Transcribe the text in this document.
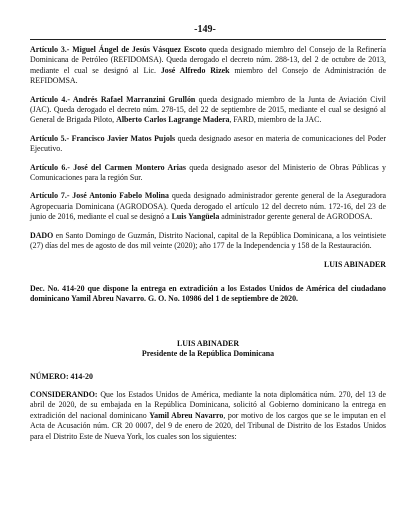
-149-

Artículo 3.- Miguel Ángel de Jesús Vásquez Escoto queda designado miembro del Consejo de la Refinería Dominicana de Petróleo (REFIDOMSA). Queda derogado el decreto núm. 288-13, del 2 de octubre de 2013, mediante el cual se designó al Lic. José Alfredo Rizek miembro del Consejo de Administración de REFIDOMSA.

Artículo 4.- Andrés Rafael Marranzini Grullón queda designado miembro de la Junta de Aviación Civil (JAC). Queda derogado el decreto núm. 278-15, del 22 de septiembre de 2015, mediante el cual se designó al General de Brigada Piloto, Alberto Carlos Lagrange Madera, FARD, miembro de la JAC.

Artículo 5.- Francisco Javier Matos Pujols queda designado asesor en materia de comunicaciones del Poder Ejecutivo.

Artículo 6.- José del Carmen Montero Arias queda designado asesor del Ministerio de Obras Públicas y Comunicaciones para la región Sur.

Artículo 7.- José Antonio Fabelo Molina queda designado administrador gerente general de la Aseguradora Agropecuaria Dominicana (AGRODOSA). Queda derogado el artículo 12 del decreto núm. 172-16, del 23 de junio de 2016, mediante el cual se designó a Luis Yangüela administrador gerente general de AGRODOSA.

DADO en Santo Domingo de Guzmán, Distrito Nacional, capital de la República Dominicana, a los veintisiete (27) días del mes de agosto de dos mil veinte (2020); año 177 de la Independencia y 158 de la Restauración.

LUIS ABINADER

Dec. No. 414-20 que dispone la entrega en extradición a los Estados Unidos de América del ciudadano dominicano Yamil Abreu Navarro. G. O. No. 10986 del 1 de septiembre de 2020.

LUIS ABINADER

Presidente de la República Dominicana

NÚMERO: 414-20

CONSIDERANDO: Que los Estados Unidos de América, mediante la nota diplomática núm. 270, del 13 de abril de 2020, de su embajada en la República Dominicana, solicitó al Gobierno dominicano la entrega en extradición del nacional dominicano Yamil Abreu Navarro, por motivo de los cargos que se le imputan en el Acta de Acusación núm. CR 20 0007, del 9 de enero de 2020, del Tribunal de Distrito de los Estados Unidos para el Distrito Este de Nueva York, los cuales son los siguientes:
